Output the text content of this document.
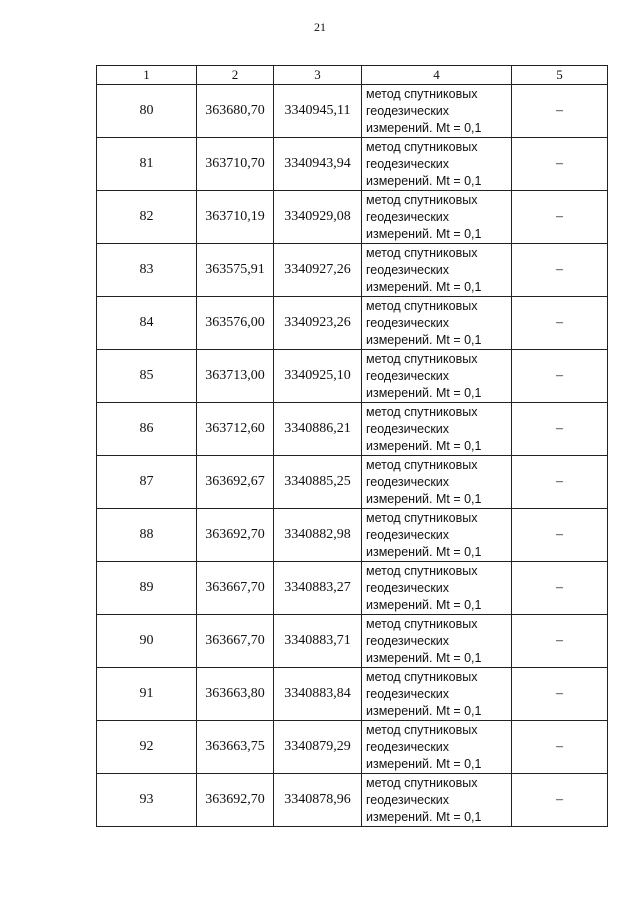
21
1	2	3	4	5
80	363680,70	3340945,11	метод спутниковых
геодезических
измерений. Mt = 0,1	–
81	363710,70	3340943,94	метод спутниковых
геодезических
измерений. Mt = 0,1	–
82	363710,19	3340929,08	метод спутниковых
геодезических
измерений. Mt = 0,1	–
83	363575,91	3340927,26	метод спутниковых
геодезических
измерений. Mt = 0,1	–
84	363576,00	3340923,26	метод спутниковых
геодезических
измерений. Mt = 0,1	–
85	363713,00	3340925,10	метод спутниковых
геодезических
измерений. Mt = 0,1	–
86	363712,60	3340886,21	метод спутниковых
геодезических
измерений. Mt = 0,1	–
87	363692,67	3340885,25	метод спутниковых
геодезических
измерений. Mt = 0,1	–
88	363692,70	3340882,98	метод спутниковых
геодезических
измерений. Mt = 0,1	–
89	363667,70	3340883,27	метод спутниковых
геодезических
измерений. Mt = 0,1	–
90	363667,70	3340883,71	метод спутниковых
геодезических
измерений. Mt = 0,1	–
91	363663,80	3340883,84	метод спутниковых
геодезических
измерений. Mt = 0,1	–
92	363663,75	3340879,29	метод спутниковых
геодезических
измерений. Mt = 0,1	–
93	363692,70	3340878,96	метод спутниковых
геодезических
измерений. Mt = 0,1	–
